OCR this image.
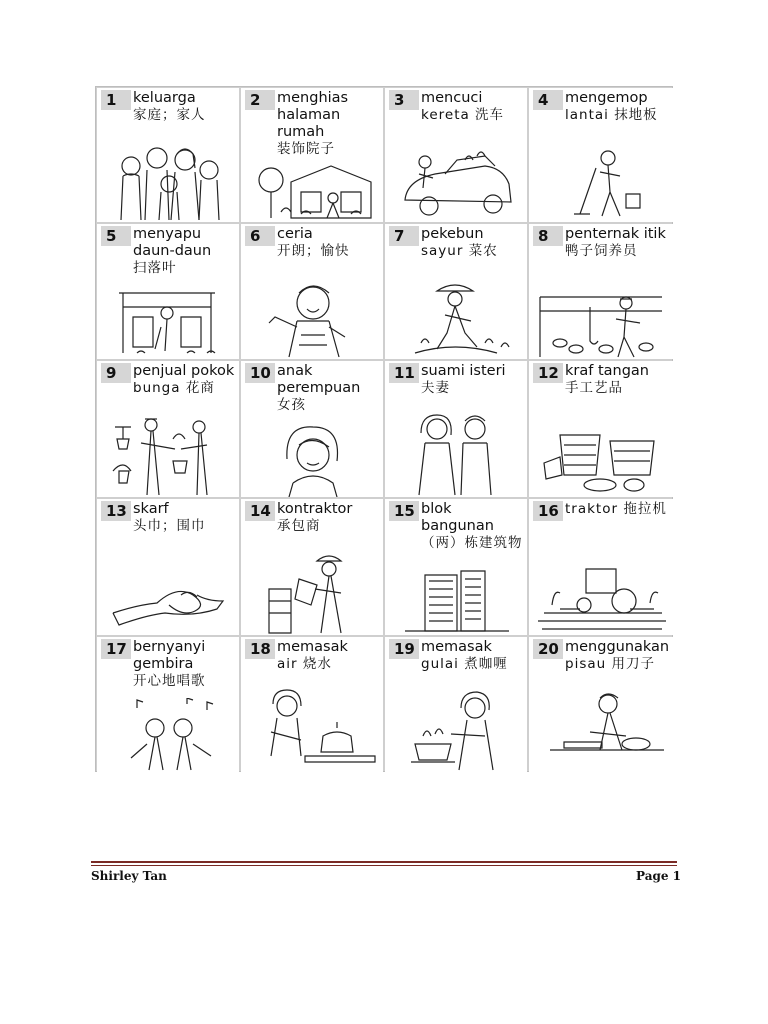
1	keluarga
家庭；家人
2	menghias
halaman
rumah
装饰院子
3	mencuci
kereta 洗车
4	mengemop
lantai 抹地板
5	menyapu
daun-daun
扫落叶
6	ceria
开朗；愉快
7	pekebun
sayur 菜农
8	penternak itik
鸭子饲养员
9	penjual pokok
bunga 花商
10 anak
perempuan
女孩
11 suami isteri
夫妻
12 kraf tangan
手工艺品
13 skarf
头巾；围巾
14 kontraktor
承包商
15 blok
bangunan
（两）栋建筑物
16 traktor 拖拉机
17 bernyanyi
gembira
开心地唱歌
18 memasak
air 烧水
19 memasak
gulai 煮咖喱
20 menggunakan
pisau 用刀子
Shirley Tan	Page 1
